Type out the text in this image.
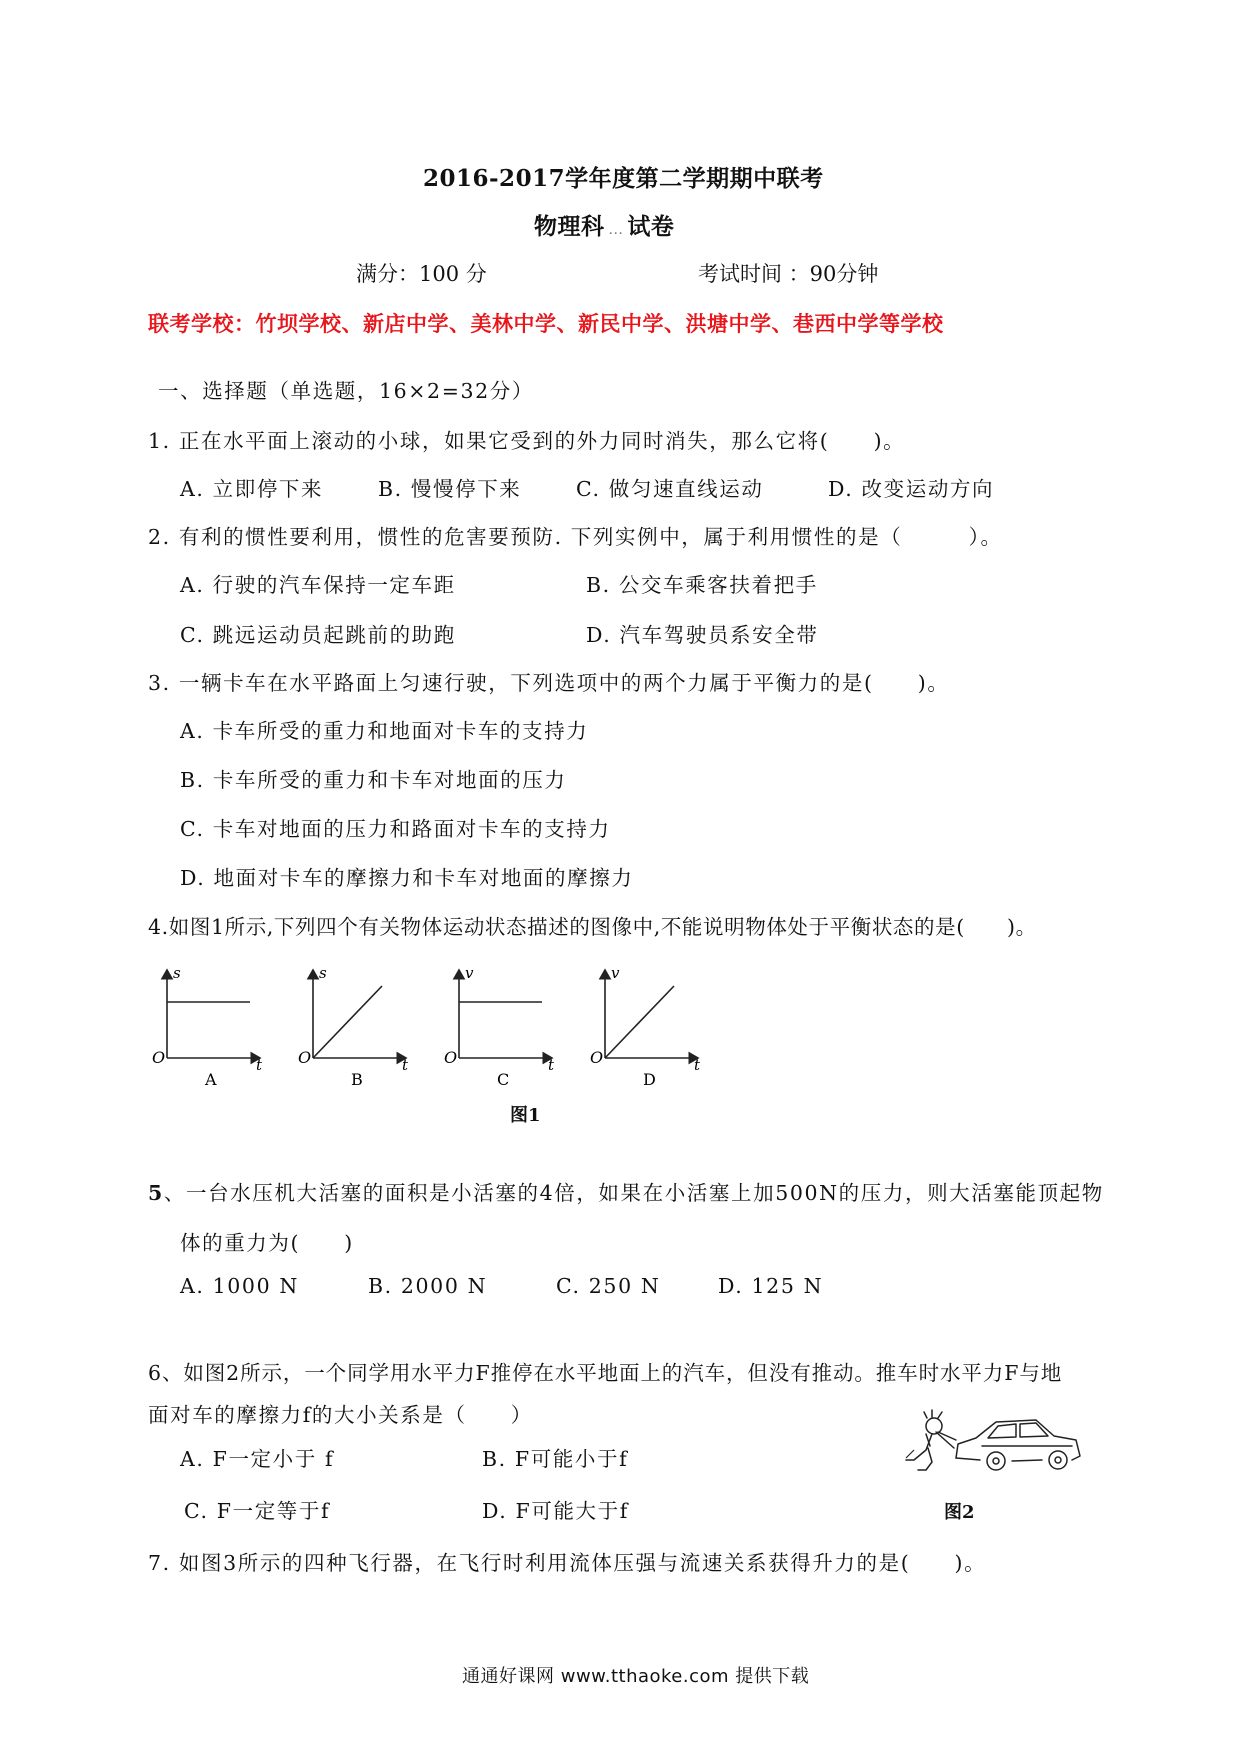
2016-2017学年度第二学期期中联考
物理科 ... 试卷
满分：100 分	考试时间 ：90分钟
联考学校：竹坝学校、新店中学、美林中学、新民中学、洪塘中学、巷西中学等学校
一、选择题（单选题，16×2=32分）
1. 正在水平面上滚动的小球，如果它受到的外力同时消失，那么它将(　　)。
A. 立即停下来	B. 慢慢停下来	C. 做匀速直线运动	D. 改变运动方向
2. 有利的惯性要利用，惯性的危害要预防. 下列实例中，属于利用惯性的是（　　　）。
A. 行驶的汽车保持一定车距	B. 公交车乘客扶着把手
C. 跳远运动员起跳前的助跑	D. 汽车驾驶员系安全带
3. 一辆卡车在水平路面上匀速行驶，下列选项中的两个力属于平衡力的是(　　)。
A. 卡车所受的重力和地面对卡车的支持力
B. 卡车所受的重力和卡车对地面的压力
C. 卡车对地面的压力和路面对卡车的支持力
D. 地面对卡车的摩擦力和卡车对地面的摩擦力
4.如图1所示,下列四个有关物体运动状态描述的图像中,不能说明物体处于平衡状态的是(　　)。
s
O	t
A
s
O	t
B
v
O	t
C
v
O	t
D
图1
5、一台水压机大活塞的面积是小活塞的4倍，如果在小活塞上加500N的压力，则大活塞能顶起物
体的重力为(　　)
A. 1000 N	B. 2000 N	C. 250 N	D. 125 N
6、如图2所示，一个同学用水平力F推停在水平地面上的汽车，但没有推动。推车时水平力F与地
面对车的摩擦力f的大小关系是（　　）
A. F一定小于 f	B. F可能小于f
C. F一定等于f	D. F可能大于f	图2
7. 如图3所示的四种飞行器，在飞行时利用流体压强与流速关系获得升力的是(　　)。
通通好课网 www.tthaoke.com 提供下载
